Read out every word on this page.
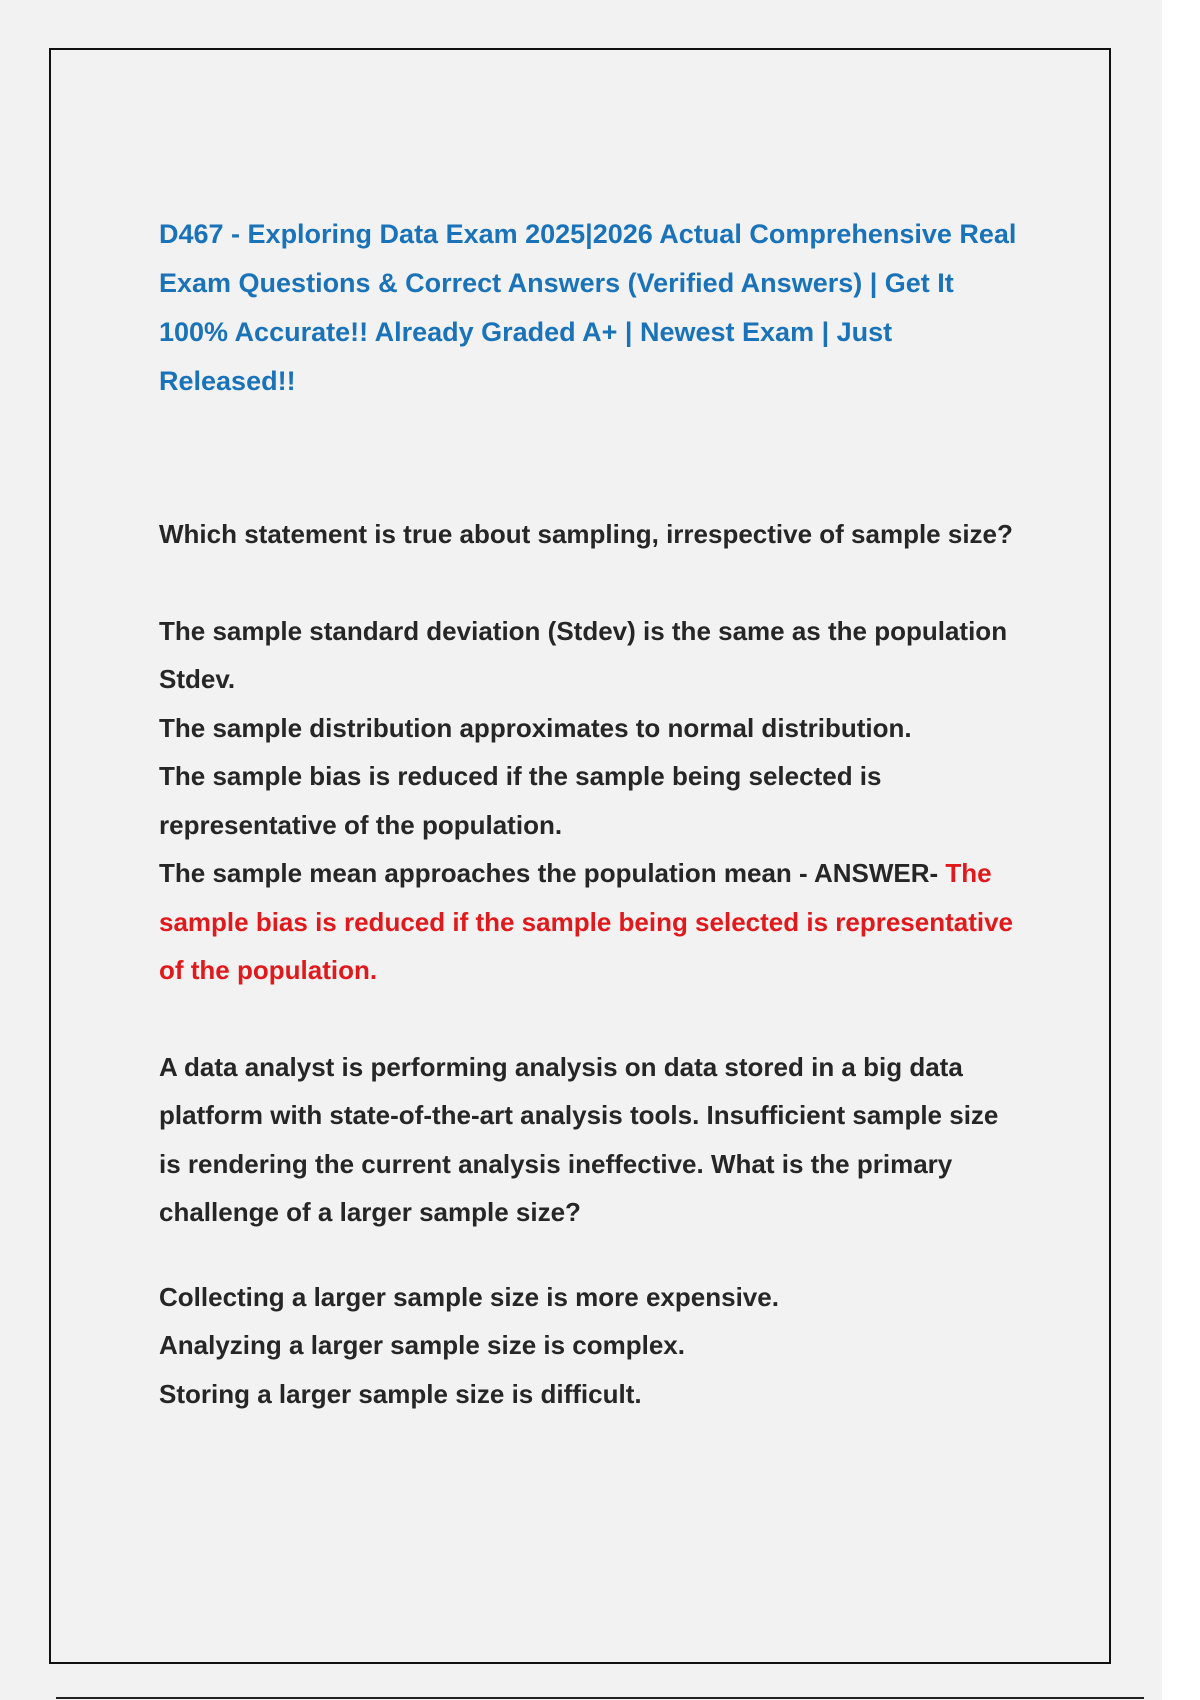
D467 - Exploring Data Exam 2025|2026 Actual Comprehensive Real Exam Questions & Correct Answers (Verified Answers) | Get It 100% Accurate!! Already Graded A+ | Newest Exam | Just Released!!

Which statement is true about sampling, irrespective of sample size?

The sample standard deviation (Stdev) is the same as the population Stdev.

The sample distribution approximates to normal distribution.

The sample bias is reduced if the sample being selected is representative of the population.

The sample mean approaches the population mean - ANSWER- The sample bias is reduced if the sample being selected is representative of the population.

A data analyst is performing analysis on data stored in a big data platform with state-of-the-art analysis tools. Insufficient sample size is rendering the current analysis ineffective. What is the primary challenge of a larger sample size?

Collecting a larger sample size is more expensive.

Analyzing a larger sample size is complex.

Storing a larger sample size is difficult.
